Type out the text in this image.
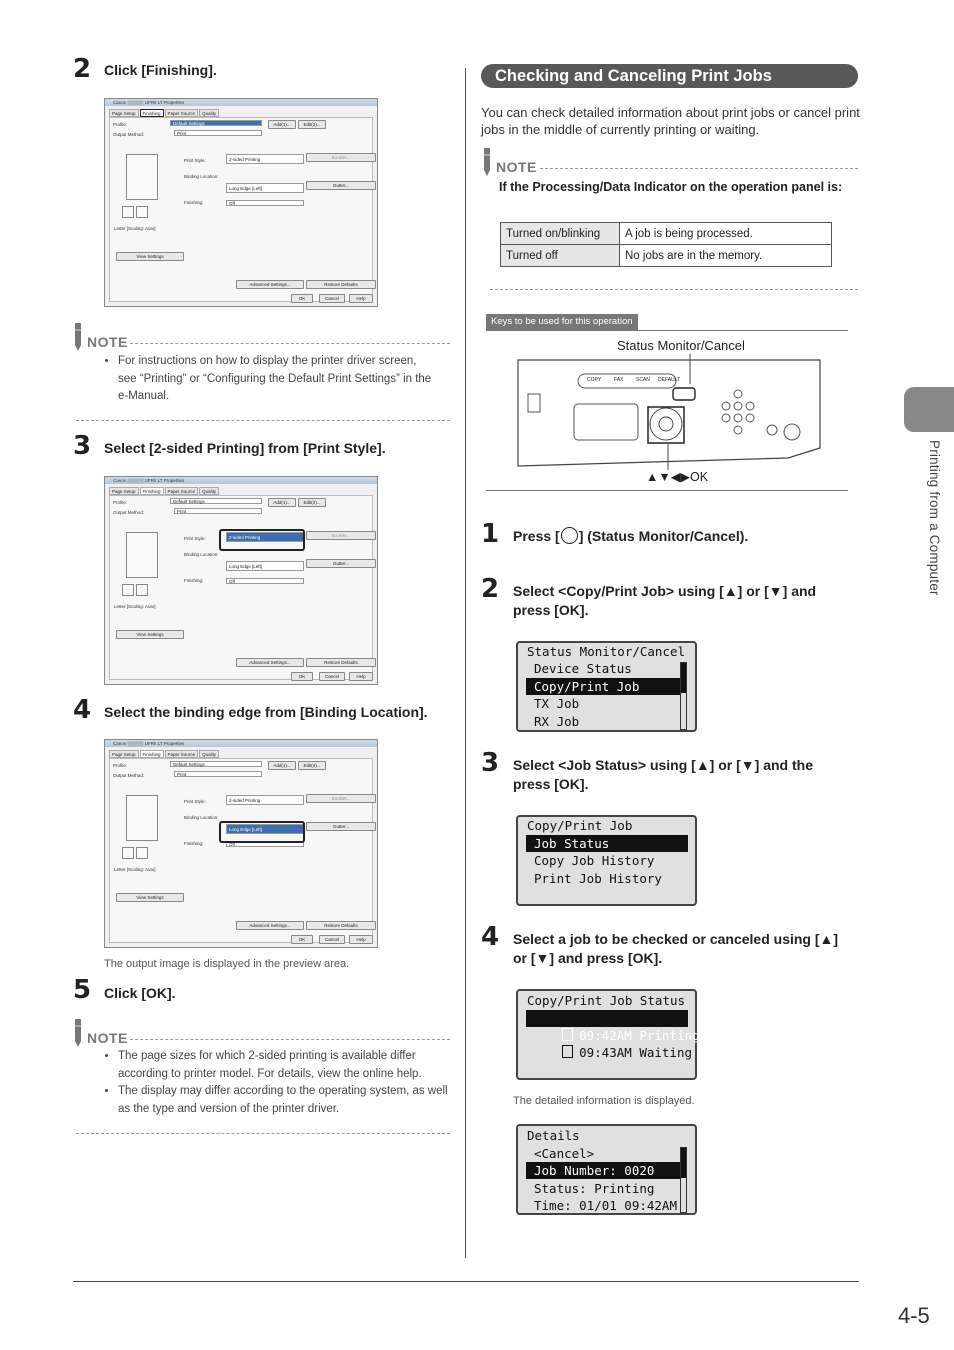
2 Click [Finishing].
Canon ░░░░░ UFRII LT Properties
Page Setup	Finishing	Paper Source	Quality
Profile:	Default Settings	Add(1)...	Edit(2)...
Output Method:	Print
Letter [Scaling: Auto]
Print Style:	2-sided Printing	Booklet...
Binding Location:
Long Edge [Left]
Gutter...
Finishing:	Off
View Settings
Advanced Settings...	Restore Defaults
OK	Cancel	Help
NOTE
• For instructions on how to display the printer driver screen, see “Printing” or “Configuring the Default Print Settings” in the e-Manual.
3 Select [2-sided Printing] from [Print Style].
Canon ░░░░░ UFRII LT Properties
Page Setup	Finishing	Paper Source	Quality
Profile:	Default Settings	Add(1)...	Edit(2)...
Output Method:	Print
Letter [Scaling: Auto]
Print Style:	2-sided Printing	Booklet...
Binding Location:
Long Edge [Left]
Gutter...
Finishing:	Off
View Settings
Advanced Settings...	Restore Defaults
OK	Cancel	Help
4 Select the binding edge from [Binding Location].
Canon ░░░░░ UFRII LT Properties
Page Setup	Finishing	Paper Source	Quality
Profile:	Default Settings	Add(1)...	Edit(2)...
Output Method:	Print
Letter [Scaling: Auto]
Print Style:	2-sided Printing	Booklet...
Binding Location:
Long Edge [Left]
Gutter...
Finishing:	Off
View Settings
Advanced Settings...	Restore Defaults
OK	Cancel	Help
The output image is displayed in the preview area.
5 Click [OK].
NOTE
• The page sizes for which 2-sided printing is available differ according to printer model. For details, view the online help.
• The display may differ according to the operating system, as well as the type and version of the printer driver.
Checking and Canceling Print Jobs
You can check detailed information about print jobs or cancel print jobs in the middle of currently printing or waiting.
NOTE
If the Processing/Data Indicator on the operation panel is:
Turned on/blinking	A job is being processed.
Turned off	No jobs are in the memory.
Keys to be used for this operation
Status Monitor/Cancel
COPY	FAX	SCAN DEFAULT
▲▼◀▶OK
1 Press [ ] (Status Monitor/Cancel).
2 Select <Copy/Print Job> using [▲] or [▼] and press [OK].
Status Monitor/Cancel
Device Status
Copy/Print Job
TX Job
RX Job
3 Select <Job Status> using [▲] or [▼] and the press [OK].
Copy/Print Job
Job Status
Copy Job History
Print Job History
4 Select a job to be checked or canceled using [▲] or [▼] and press [OK].
Copy/Print Job Status

09:42AM Printing

09:43AM Waiting

The detailed information is displayed.
Details
<Cancel>
Job Number: 0020
Status: Printing
Time: 01/01 09:42AM
Printing from a Computer
4-5
